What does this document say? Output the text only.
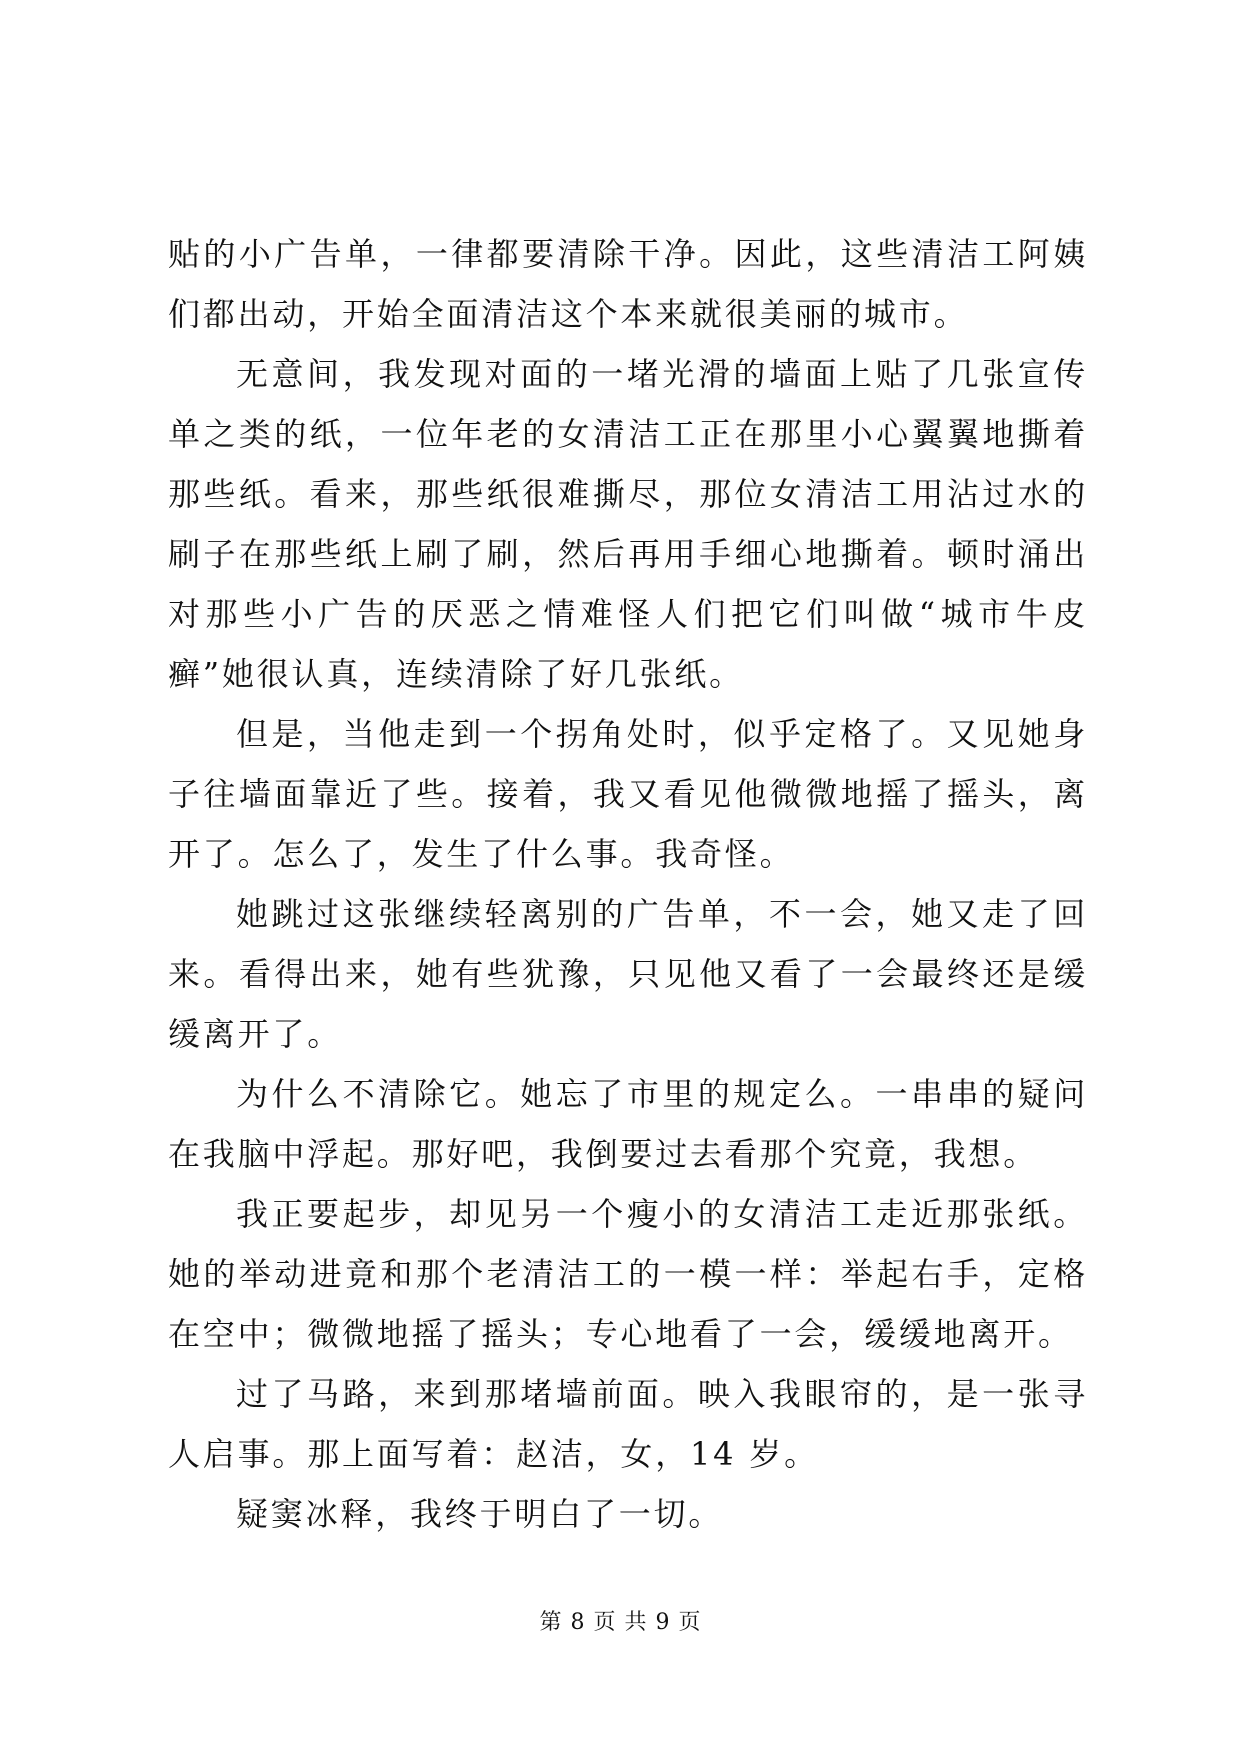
贴的小广告单，一律都要清除干净。因此，这些清洁工阿姨们都出动，开始全面清洁这个本来就很美丽的城市。

无意间，我发现对面的一堵光滑的墙面上贴了几张宣传单之类的纸，一位年老的女清洁工正在那里小心翼翼地撕着那些纸。看来，那些纸很难撕尽，那位女清洁工用沾过水的刷子在那些纸上刷了刷，然后再用手细心地撕着。顿时涌出对那些小广告的厌恶之情难怪人们把它们叫做“城市牛皮癣”她很认真，连续清除了好几张纸。

但是，当他走到一个拐角处时，似乎定格了。又见她身子往墙面靠近了些。接着，我又看见他微微地摇了摇头，离开了。怎么了，发生了什么事。我奇怪。

她跳过这张继续轻离别的广告单，不一会，她又走了回来。看得出来，她有些犹豫，只见他又看了一会最终还是缓缓离开了。

为什么不清除它。她忘了市里的规定么。一串串的疑问在我脑中浮起。那好吧，我倒要过去看那个究竟，我想。

我正要起步，却见另一个瘦小的女清洁工走近那张纸。她的举动进竟和那个老清洁工的一模一样：举起右手，定格在空中；微微地摇了摇头；专心地看了一会，缓缓地离开。

过了马路，来到那堵墙前面。映入我眼帘的，是一张寻人启事。那上面写着：赵洁，女，14 岁。

疑窦冰释，我终于明白了一切。

第 8 页 共 9 页
